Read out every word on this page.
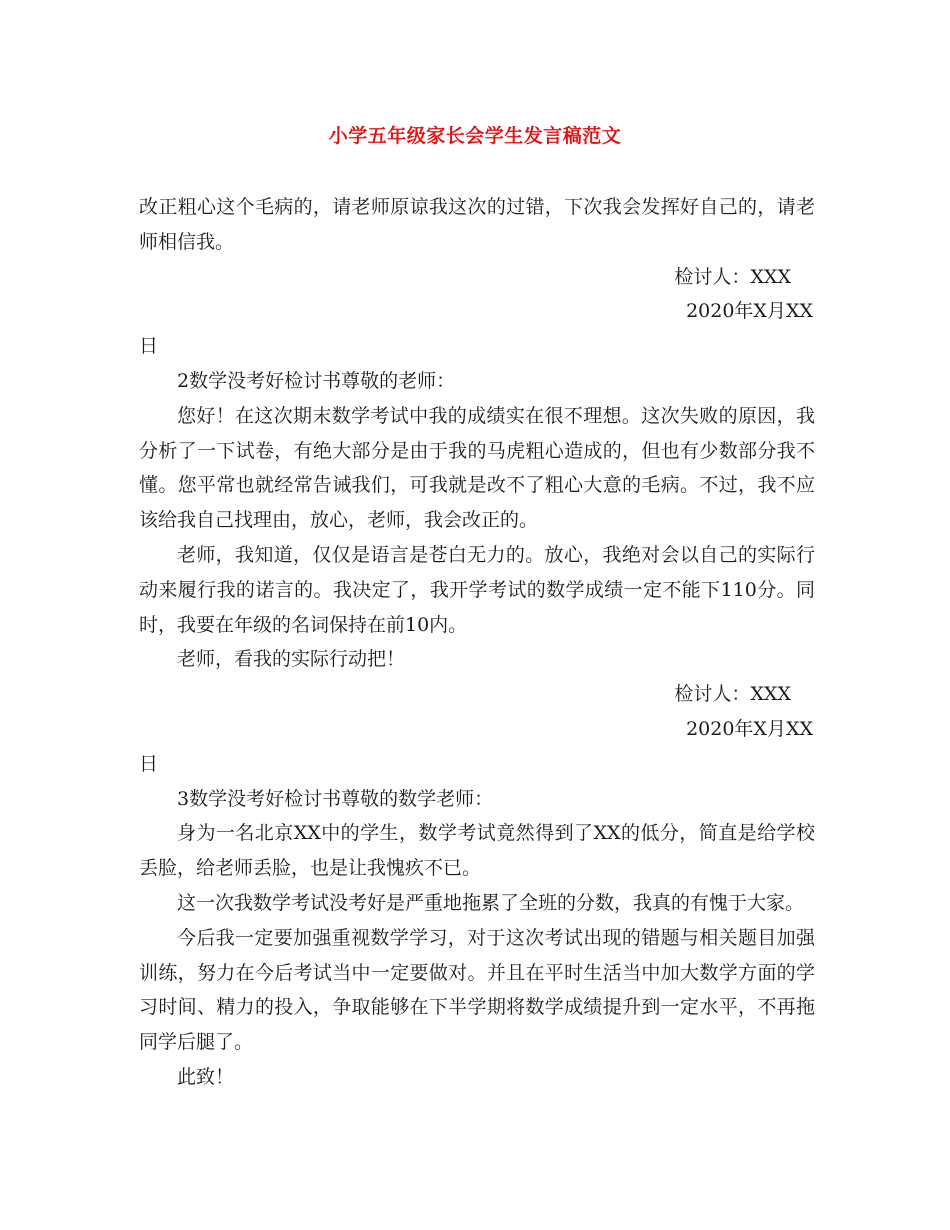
小学五年级家长会学生发言稿范文

改正粗心这个毛病的，请老师原谅我这次的过错，下次我会发挥好自己的，请老师相信我。

检讨人：XXX

2020年X月XX

日

2数学没考好检讨书尊敬的老师：

您好！在这次期末数学考试中我的成绩实在很不理想。这次失败的原因，我分析了一下试卷，有绝大部分是由于我的马虎粗心造成的，但也有少数部分我不懂。您平常也就经常告诫我们，可我就是改不了粗心大意的毛病。不过，我不应该给我自己找理由，放心，老师，我会改正的。

老师，我知道，仅仅是语言是苍白无力的。放心，我绝对会以自己的实际行动来履行我的诺言的。我决定了，我开学考试的数学成绩一定不能下110分。同时，我要在年级的名词保持在前10内。

老师，看我的实际行动把！

检讨人：XXX

2020年X月XX

日

3数学没考好检讨书尊敬的数学老师：

身为一名北京XX中的学生，数学考试竟然得到了XX的低分，简直是给学校丢脸，给老师丢脸，也是让我愧疚不已。

这一次我数学考试没考好是严重地拖累了全班的分数，我真的有愧于大家。

今后我一定要加强重视数学学习，对于这次考试出现的错题与相关题目加强训练，努力在今后考试当中一定要做对。并且在平时生活当中加大数学方面的学习时间、精力的投入，争取能够在下半学期将数学成绩提升到一定水平，不再拖同学后腿了。

此致！
